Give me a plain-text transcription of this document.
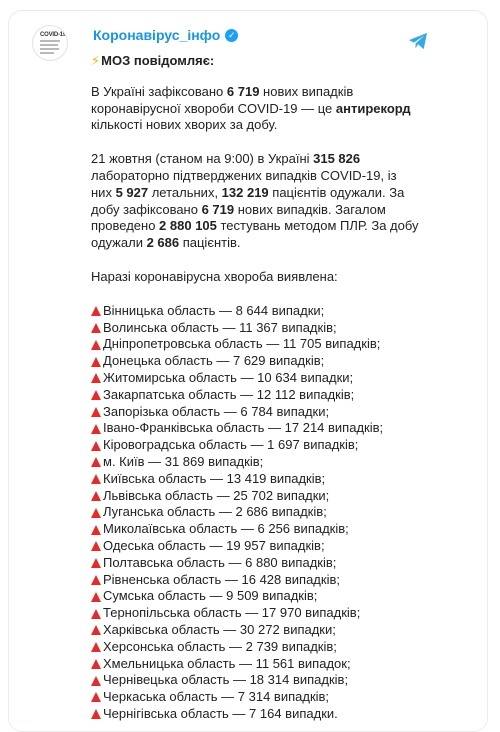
COVID-19 Коронавірус_інфо ✓

⚡ МОЗ повідомляє:

В Україні зафіксовано 6 719 нових випадків коронавірусної хвороби COVID-19 — це антирекорд кількості нових хворих за добу.

21 жовтня (станом на 9:00) в Україні 315 826 лабораторно підтверджених випадків COVID-19, із них 5 927 летальних, 132 219 пацієнтів одужали. За добу зафіксовано 6 719 нових випадків. Загалом проведено 2 880 105 тестувань методом ПЛР. За добу одужали 2 686 пацієнтів.

Наразі коронавірусна хвороба виявлена:

Вінницька область — 8 644 випадки;
Волинська область — 11 367 випадків;
Дніпропетровська область — 11 705 випадків;
Донецька область — 7 629 випадків;
Житомирська область — 10 634 випадки;
Закарпатська область — 12 112 випадків;
Запорізька область — 6 784 випадки;
Івано-Франківська область — 17 214 випадків;
Кіровоградська область — 1 697 випадків;
м. Київ — 31 869 випадків;
Київська область — 13 419 випадків;
Львівська область — 25 702 випадки;
Луганська область — 2 686 випадків;
Миколаївська область — 6 256 випадків;
Одеська область — 19 957 випадків;
Полтавська область — 6 880 випадків;
Рівненська область — 16 428 випадків;
Сумська область — 9 509 випадків;
Тернопільська область — 17 970 випадків;
Харківська область — 30 272 випадки;
Херсонська область — 2 739 випадків;
Хмельницька область — 11 561 випадок;
Чернівецька область — 18 314 випадків;
Черкаська область — 7 314 випадків;
Чернігівська область — 7 164 випадки.
